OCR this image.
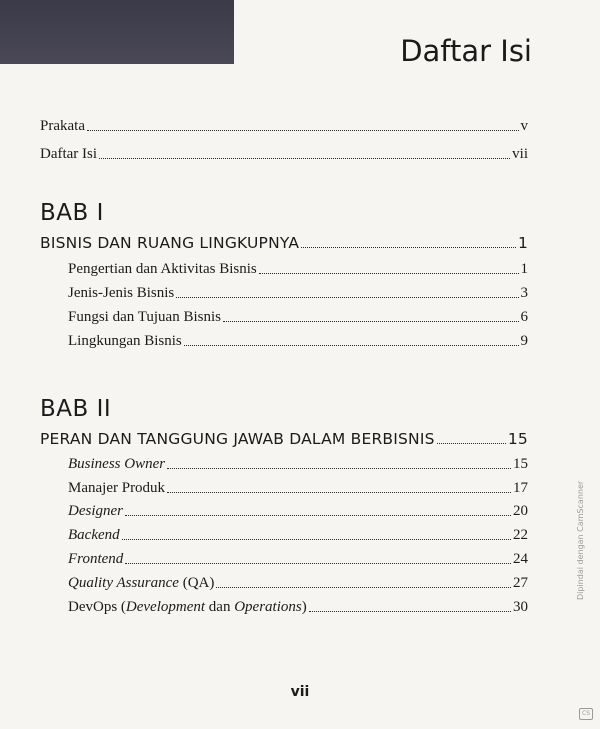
Daftar Isi
Prakata	v
Daftar Isi	vii
BAB I
BISNIS DAN RUANG LINGKUPNYA	1
Pengertian dan Aktivitas Bisnis	1
Jenis-Jenis Bisnis	3
Fungsi dan Tujuan Bisnis	6
Lingkungan Bisnis	9
BAB II
PERAN DAN TANGGUNG JAWAB DALAM BERBISNIS	15
Business Owner	15
Manajer Produk	17
Designer	20
Backend	22
Frontend	24
Quality Assurance (QA)	27
DevOps (Development dan Operations)	30
vii
Dipindai dengan CamScanner
CS
